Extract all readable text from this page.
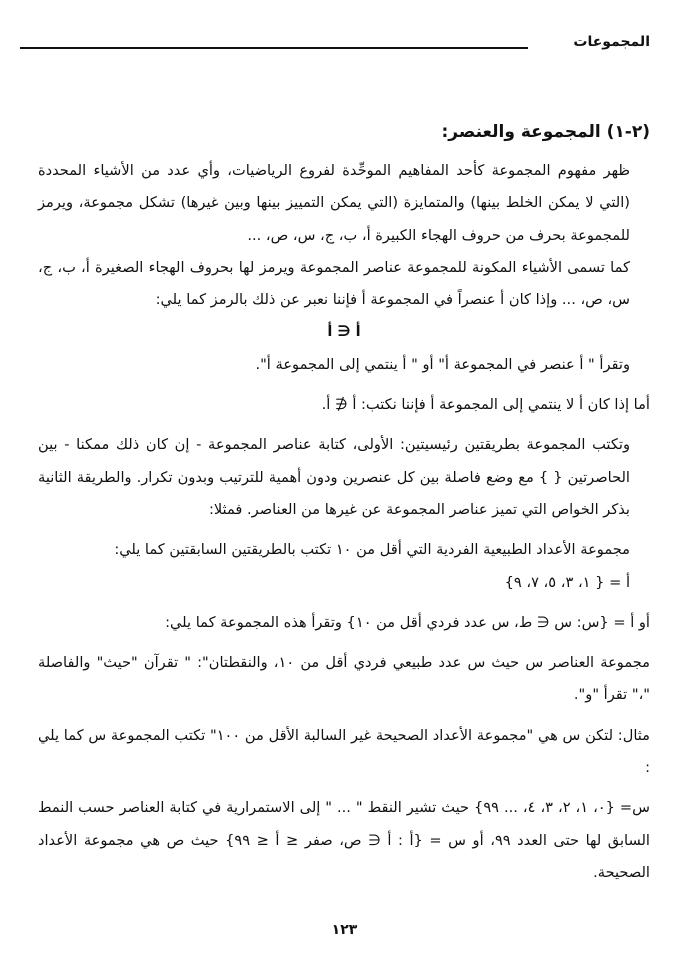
المجموعات

(٢-١) المجموعة والعنصر:

ظهر مفهوم المجموعة كأحد المفاهيم الموحِّدة لفروع الرياضيات، وأي عدد من الأشياء المحددة (التي لا يمكن الخلط بينها) والمتمايزة (التي يمكن التمييز بينها وبين غيرها) تشكل مجموعة، ويرمز للمجموعة بحرف من حروف الهجاء الكبيرة أ، ب، ج، س، ص، ...

كما تسمى الأشياء المكونة للمجموعة عناصر المجموعة ويرمز لها بحروف الهجاء الصغيرة أ، ب، ج، س، ص، ... وإذا كان أ عنصراً في المجموعة أ فإننا نعبر عن ذلك بالرمز كما يلي:

أ ∈ أ

وتقرأ " أ عنصر في المجموعة أ" أو " أ ينتمي إلى المجموعة أ".

أما إذا كان أ لا ينتمي إلى المجموعة أ فإننا نكتب: أ ∉ أ.

وتكتب المجموعة بطريقتين رئيسيتين: الأولى، كتابة عناصر المجموعة - إن كان ذلك ممكنا - بين الحاصرتين { } مع وضع فاصلة بين كل عنصرين ودون أهمية للترتيب وبدون تكرار. والطريقة الثانية بذكر الخواص التي تميز عناصر المجموعة عن غيرها من العناصر. فمثلا:

مجموعة الأعداد الطبيعية الفردية التي أقل من ١٠ تكتب بالطريقتين السابقتين كما يلي:

أ = { ١، ٣، ٥، ٧، ٩}

أو أ = {س: س ∈ ط، س عدد فردي أقل من ١٠} وتقرأ هذه المجموعة كما يلي:

مجموعة العناصر س حيث س عدد طبيعي فردي أقل من ١٠، والنقطتان": " تقرآن "حيث" والفاصلة "،" تقرأ "و".

مثال: لتكن س هي "مجموعة الأعداد الصحيحة غير السالبة الأقل من ١٠٠" تكتب المجموعة س كما يلي :

س= {٠، ١، ٢، ٣، ٤، ... ٩٩} حيث تشير النقط " ... " إلى الاستمرارية في كتابة العناصر حسب النمط السابق لها حتى العدد ٩٩، أو س = {أ : أ ∈ ص، صفر ≤ أ ≤ ٩٩} حيث ص هي مجموعة الأعداد الصحيحة.

١٢٣
